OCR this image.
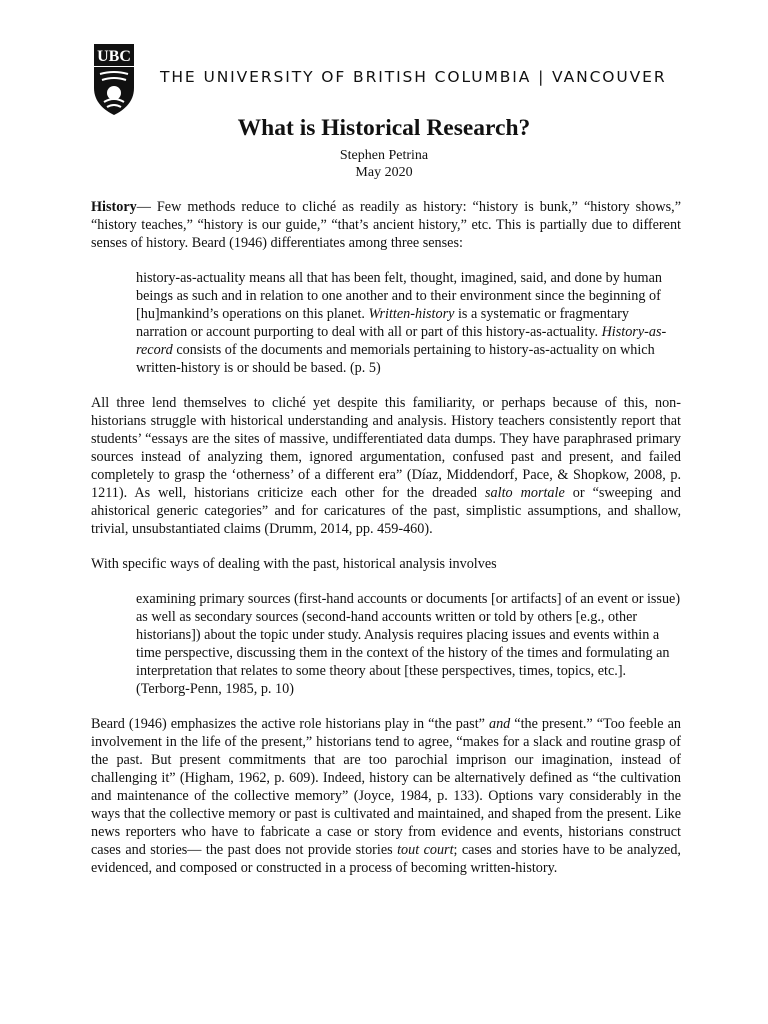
UBC
THE UNIVERSITY OF BRITISH COLUMBIA | VANCOUVER
What is Historical Research?
Stephen Petrina
May 2020

History— Few methods reduce to cliché as readily as history: “history is bunk,” “history shows,” “history teaches,” “history is our guide,” “that’s ancient history,” etc. This is partially due to different senses of history. Beard (1946) differentiates among three senses:

history-as-actuality means all that has been felt, thought, imagined, said, and done by human beings as such and in relation to one another and to their environment since the beginning of [hu]mankind’s operations on this planet. Written-history is a systematic or fragmentary narration or account purporting to deal with all or part of this history-as-actuality. History-as-record consists of the documents and memorials pertaining to history-as-actuality on which written-history is or should be based. (p. 5)

All three lend themselves to cliché yet despite this familiarity, or perhaps because of this, non-historians struggle with historical understanding and analysis. History teachers consistently report that students’ “essays are the sites of massive, undifferentiated data dumps. They have paraphrased primary sources instead of analyzing them, ignored argumentation, confused past and present, and failed completely to grasp the ‘otherness’ of a different era” (Díaz, Middendorf, Pace, & Shopkow, 2008, p. 1211). As well, historians criticize each other for the dreaded salto mortale or “sweeping and ahistorical generic categories” and for caricatures of the past, simplistic assumptions, and shallow, trivial, unsubstantiated claims (Drumm, 2014, pp. 459-460).

With specific ways of dealing with the past, historical analysis involves

examining primary sources (first-hand accounts or documents [or artifacts] of an event or issue) as well as secondary sources (second-hand accounts written or told by others [e.g., other historians]) about the topic under study. Analysis requires placing issues and events within a time perspective, discussing them in the context of the history of the times and formulating an interpretation that relates to some theory about [these perspectives, times, topics, etc.]. (Terborg-Penn, 1985, p. 10)

Beard (1946) emphasizes the active role historians play in “the past” and “the present.” “Too feeble an involvement in the life of the present,” historians tend to agree, “makes for a slack and routine grasp of the past. But present commitments that are too parochial imprison our imagination, instead of challenging it” (Higham, 1962, p. 609). Indeed, history can be alternatively defined as “the cultivation and maintenance of the collective memory” (Joyce, 1984, p. 133). Options vary considerably in the ways that the collective memory or past is cultivated and maintained, and shaped from the present. Like news reporters who have to fabricate a case or story from evidence and events, historians construct cases and stories— the past does not provide stories tout court; cases and stories have to be analyzed, evidenced, and composed or constructed in a process of becoming written-history.
